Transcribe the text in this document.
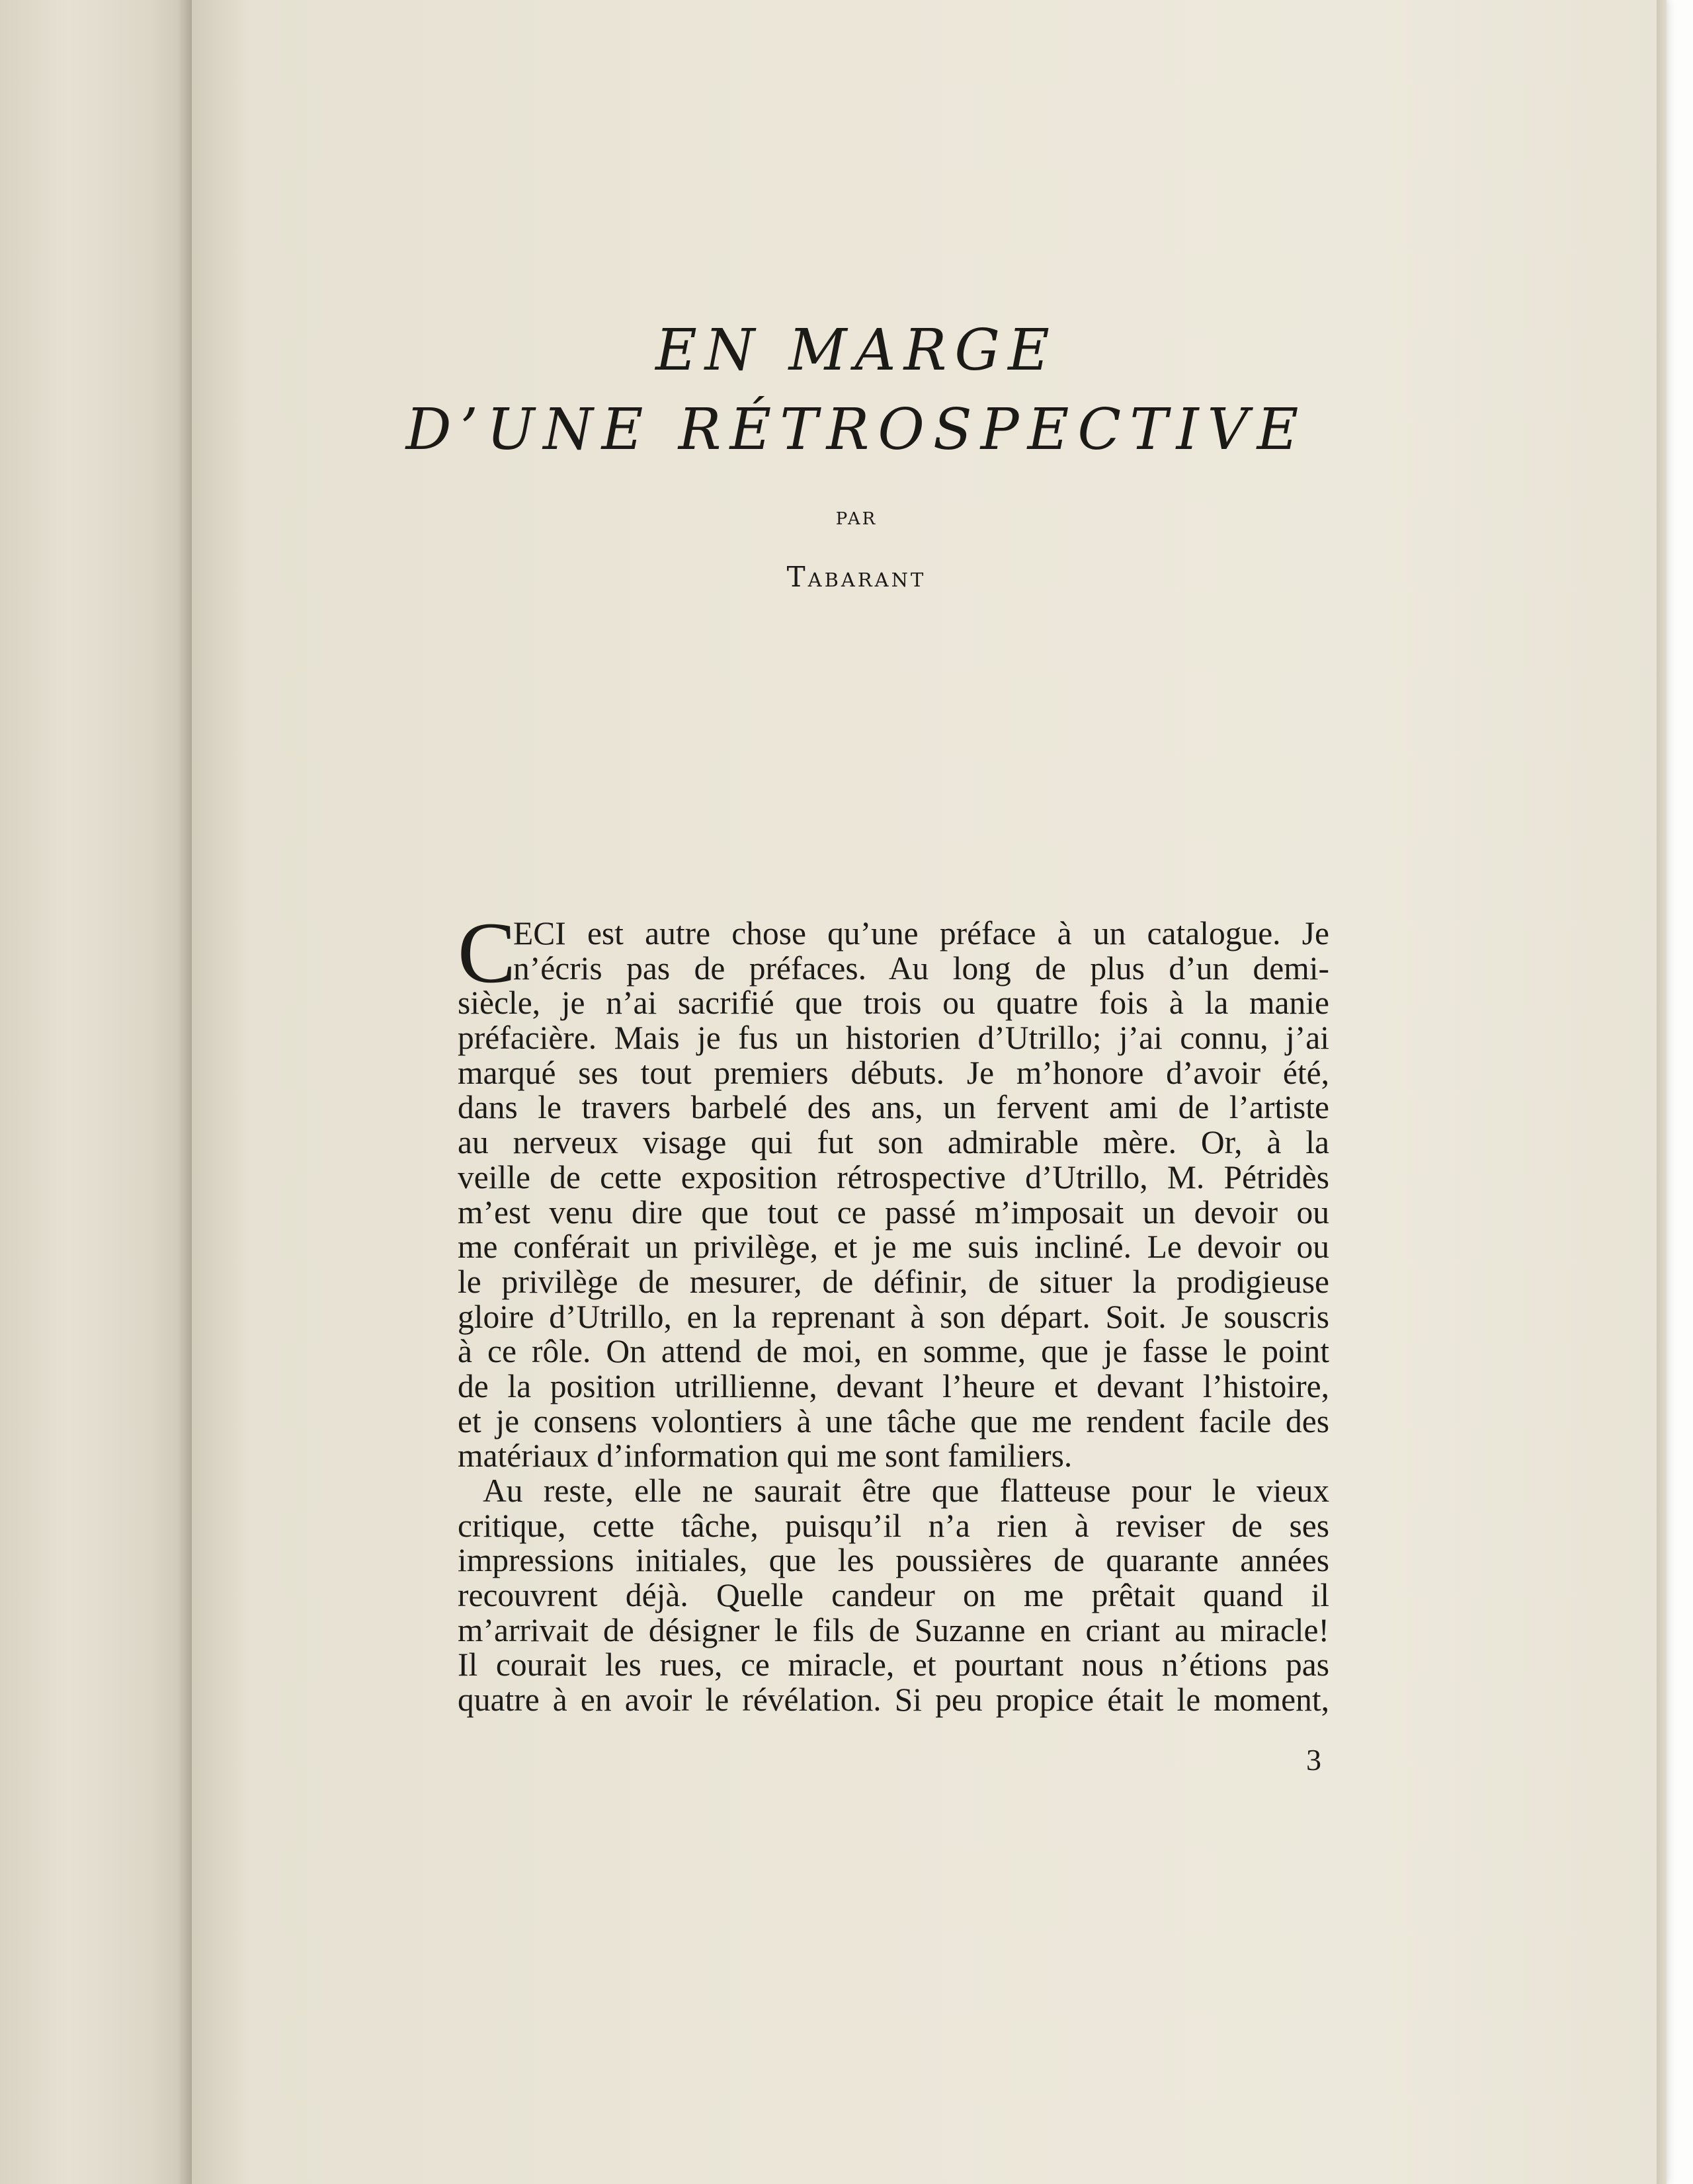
EN MARGE
D’UNE RÉTROSPECTIVE
PAR
Tabarant
C
ECI est autre chose qu’une préface à un catalogue. Je
n’écris pas de préfaces. Au long de plus d’un demi-
siècle, je n’ai sacrifié que trois ou quatre fois à la manie
préfacière. Mais je fus un historien d’Utrillo; j’ai connu, j’ai
marqué ses tout premiers débuts. Je m’honore d’avoir été,
dans le travers barbelé des ans, un fervent ami de l’artiste
au nerveux visage qui fut son admirable mère. Or, à la
veille de cette exposition rétrospective d’Utrillo, M. Pétridès
m’est venu dire que tout ce passé m’imposait un devoir ou
me conférait un privilège, et je me suis incliné. Le devoir ou
le privilège de mesurer, de définir, de situer la prodigieuse
gloire d’Utrillo, en la reprenant à son départ. Soit. Je souscris
à ce rôle. On attend de moi, en somme, que je fasse le point
de la position utrillienne, devant l’heure et devant l’histoire,
et je consens volontiers à une tâche que me rendent facile des
matériaux d’information qui me sont familiers.
Au reste, elle ne saurait être que flatteuse pour le vieux
critique, cette tâche, puisqu’il n’a rien à reviser de ses
impressions initiales, que les poussières de quarante années
recouvrent déjà. Quelle candeur on me prêtait quand il
m’arrivait de désigner le fils de Suzanne en criant au miracle!
Il courait les rues, ce miracle, et pourtant nous n’étions pas
quatre à en avoir le révélation. Si peu propice était le moment,
3
